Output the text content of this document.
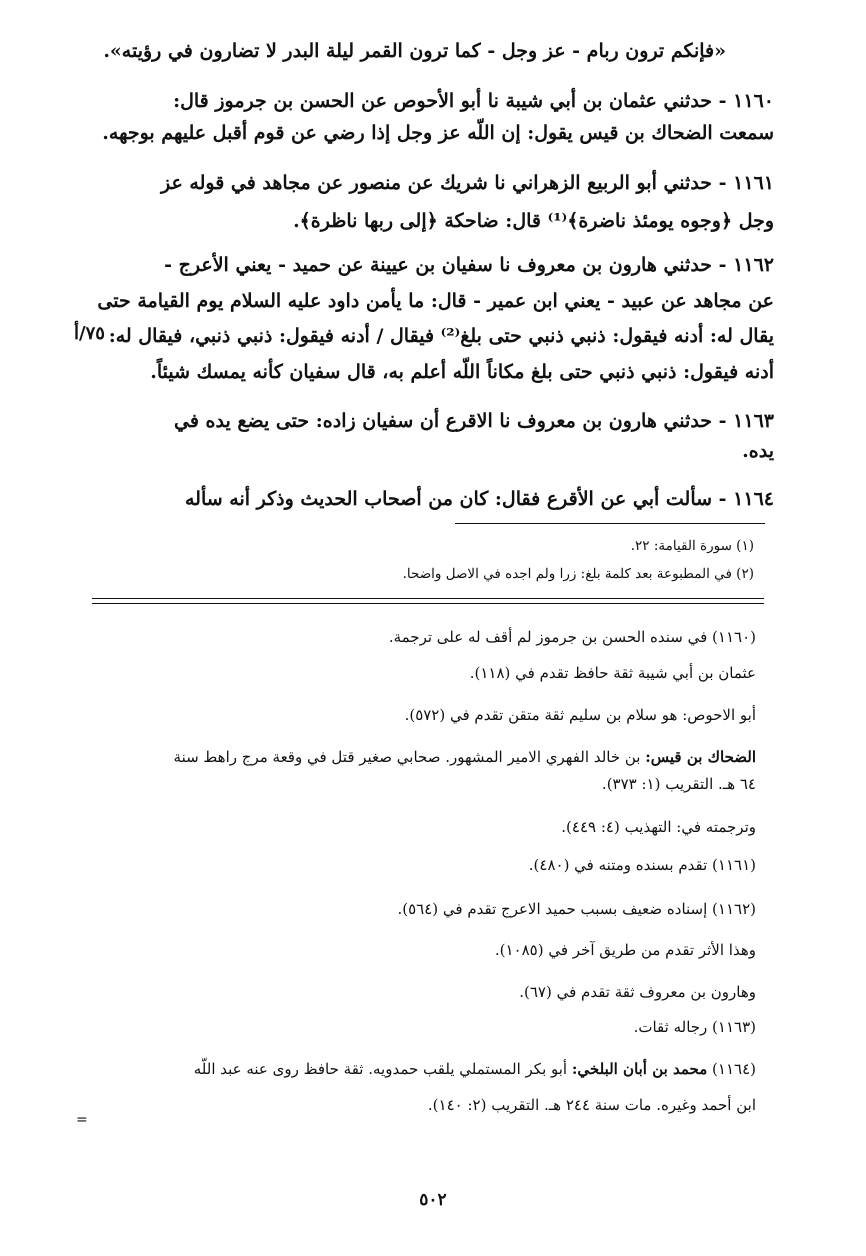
«فإنكم ترون ربام - عز وجل - كما ترون القمر ليلة البدر لا تضارون في رؤيته».
١١٦٠ - حدثني عثمان بن أبي شيبة نا أبو الأحوص عن الحسن بن جرموز قال:
سمعت الضحاك بن قيس يقول: إن اللّه عز وجل إذا رضي عن قوم أقبل عليهم بوجهه.
١١٦١ - حدثني أبو الربيع الزهراني نا شريك عن منصور عن مجاهد في قوله عز
وجل ﴿وجوه يومئذ ناضرة﴾⁽¹⁾ قال: ضاحكة ﴿إلى ربها ناظرة﴾.
١١٦٢ - حدثني هارون بن معروف نا سفيان بن عيينة عن حميد - يعني الأعرج -
عن مجاهد عن عبيد - يعني ابن عمير - قال: ما يأمن داود عليه السلام يوم القيامة حتى
يقال له: أدنه فيقول: ذنبي ذنبي حتى بلغ⁽²⁾ فيقال / أدنه فيقول: ذنبي ذنبي، فيقال له:
أدنه فيقول: ذنبي ذنبي حتى بلغ مكاناً اللّه أعلم به، قال سفيان كأنه يمسك شيئاً.
١١٦٣ - حدثني هارون بن معروف نا الاقرع أن سفيان زاده: حتى يضع يده في
يده.
١١٦٤ - سألت أبي عن الأقرع فقال: كان من أصحاب الحديث وذكر أنه سأله
٧٥/أ
(١) سورة القيامة: ٢٢.
(٢) في المطبوعة بعد كلمة بلغ: زرا ولم اجده في الاصل واضحا.
(١١٦٠) في سنده الحسن بن جرموز لم أقف له على ترجمة.
عثمان بن أبي شيبة ثقة حافظ تقدم في (١١٨).
أبو الاحوص: هو سلام بن سليم ثقة متقن تقدم في (٥٧٢).
الضحاك بن قيس: بن خالد الفهري الامير المشهور. صحابي صغير قتل في وقعة مرج راهط سنة
٦٤ هـ. التقريب (١: ٣٧٣).
وترجمته في: التهذيب (٤: ٤٤٩).
(١١٦١) تقدم بسنده ومتنه في (٤٨٠).
(١١٦٢) إسناده ضعيف بسبب حميد الاعرج تقدم في (٥٦٤).
وهذا الأثر تقدم من طريق آخر في (١٠٨٥).
وهارون بن معروف ثقة تقدم في (٦٧).
(١١٦٣) رجاله ثقات.
(١١٦٤) محمد بن أبان البلخي: أبو بكر المستملي يلقب حمدويه. ثقة حافظ روى عنه عبد اللّه
ابن أحمد وغيره. مات سنة ٢٤٤ هـ. التقريب (٢: ١٤٠).
=
٥٠٢
